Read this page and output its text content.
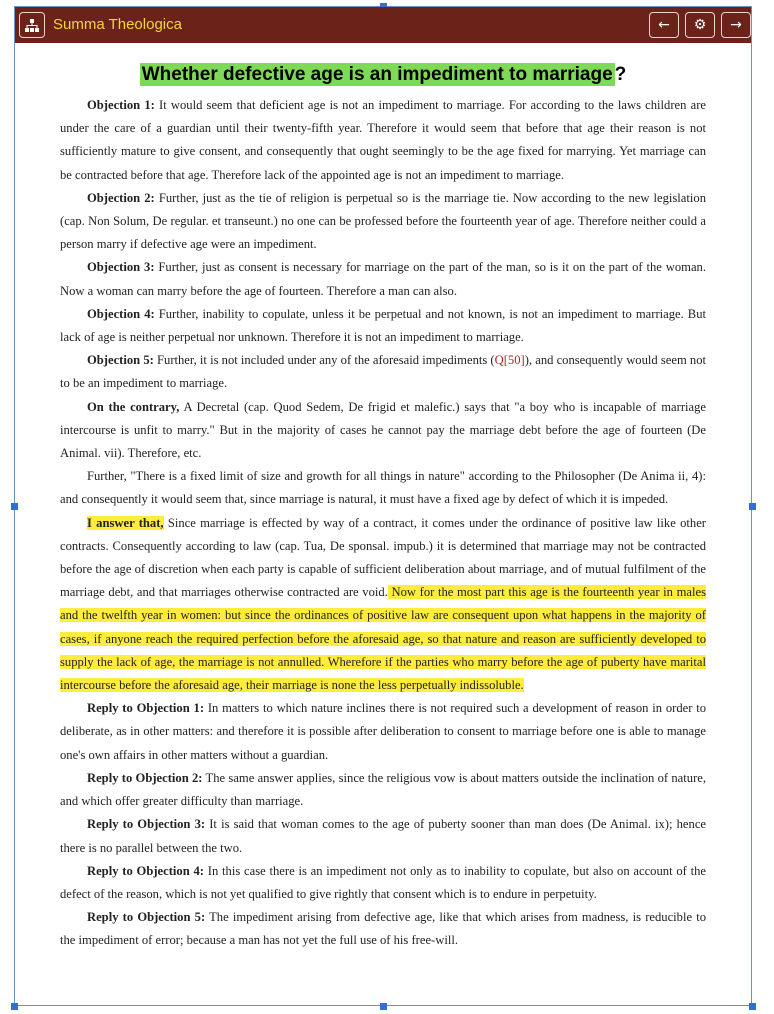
Summa Theologica	← ⚙ →
Whether defective age is an impediment to marriage ?

Objection 1: It would seem that deficient age is not an impediment to marriage. For according to the laws children are under the care of a guardian until their twenty-fifth year. Therefore it would seem that before that age their reason is not sufficiently mature to give consent, and consequently that ought seemingly to be the age fixed for marrying. Yet marriage can be contracted before that age. Therefore lack of the appointed age is not an impediment to marriage.

Objection 2: Further, just as the tie of religion is perpetual so is the marriage tie. Now according to the new legislation (cap. Non Solum, De regular. et transeunt.) no one can be professed before the fourteenth year of age. Therefore neither could a person marry if defective age were an impediment.

Objection 3: Further, just as consent is necessary for marriage on the part of the man, so is it on the part of the woman. Now a woman can marry before the age of fourteen. Therefore a man can also.

Objection 4: Further, inability to copulate, unless it be perpetual and not known, is not an impediment to marriage. But lack of age is neither perpetual nor unknown. Therefore it is not an impediment to marriage.

Objection 5: Further, it is not included under any of the aforesaid impediments (Q[50]), and consequently would seem not to be an impediment to marriage.

On the contrary, A Decretal (cap. Quod Sedem, De frigid et malefic.) says that "a boy who is incapable of marriage intercourse is unfit to marry." But in the majority of cases he cannot pay the marriage debt before the age of fourteen (De Animal. vii). Therefore, etc.

Further, "There is a fixed limit of size and growth for all things in nature" according to the Philosopher (De Anima ii, 4): and consequently it would seem that, since marriage is natural, it must have a fixed age by defect of which it is impeded.

I answer that, Since marriage is effected by way of a contract, it comes under the ordinance of positive law like other contracts. Consequently according to law (cap. Tua, De sponsal. impub.) it is determined that marriage may not be contracted before the age of discretion when each party is capable of sufficient deliberation about marriage, and of mutual fulfilment of the marriage debt, and that marriages otherwise contracted are void. Now for the most part this age is the fourteenth year in males and the twelfth year in women: but since the ordinances of positive law are consequent upon what happens in the majority of cases, if anyone reach the required perfection before the aforesaid age, so that nature and reason are sufficiently developed to supply the lack of age, the marriage is not annulled. Wherefore if the parties who marry before the age of puberty have marital intercourse before the aforesaid age, their marriage is none the less perpetually indissoluble.

Reply to Objection 1: In matters to which nature inclines there is not required such a development of reason in order to deliberate, as in other matters: and therefore it is possible after deliberation to consent to marriage before one is able to manage one's own affairs in other matters without a guardian.

Reply to Objection 2: The same answer applies, since the religious vow is about matters outside the inclination of nature, and which offer greater difficulty than marriage.

Reply to Objection 3: It is said that woman comes to the age of puberty sooner than man does (De Animal. ix); hence there is no parallel between the two.

Reply to Objection 4: In this case there is an impediment not only as to inability to copulate, but also on account of the defect of the reason, which is not yet qualified to give rightly that consent which is to endure in perpetuity.

Reply to Objection 5: The impediment arising from defective age, like that which arises from madness, is reducible to the impediment of error; because a man has not yet the full use of his free-will.
